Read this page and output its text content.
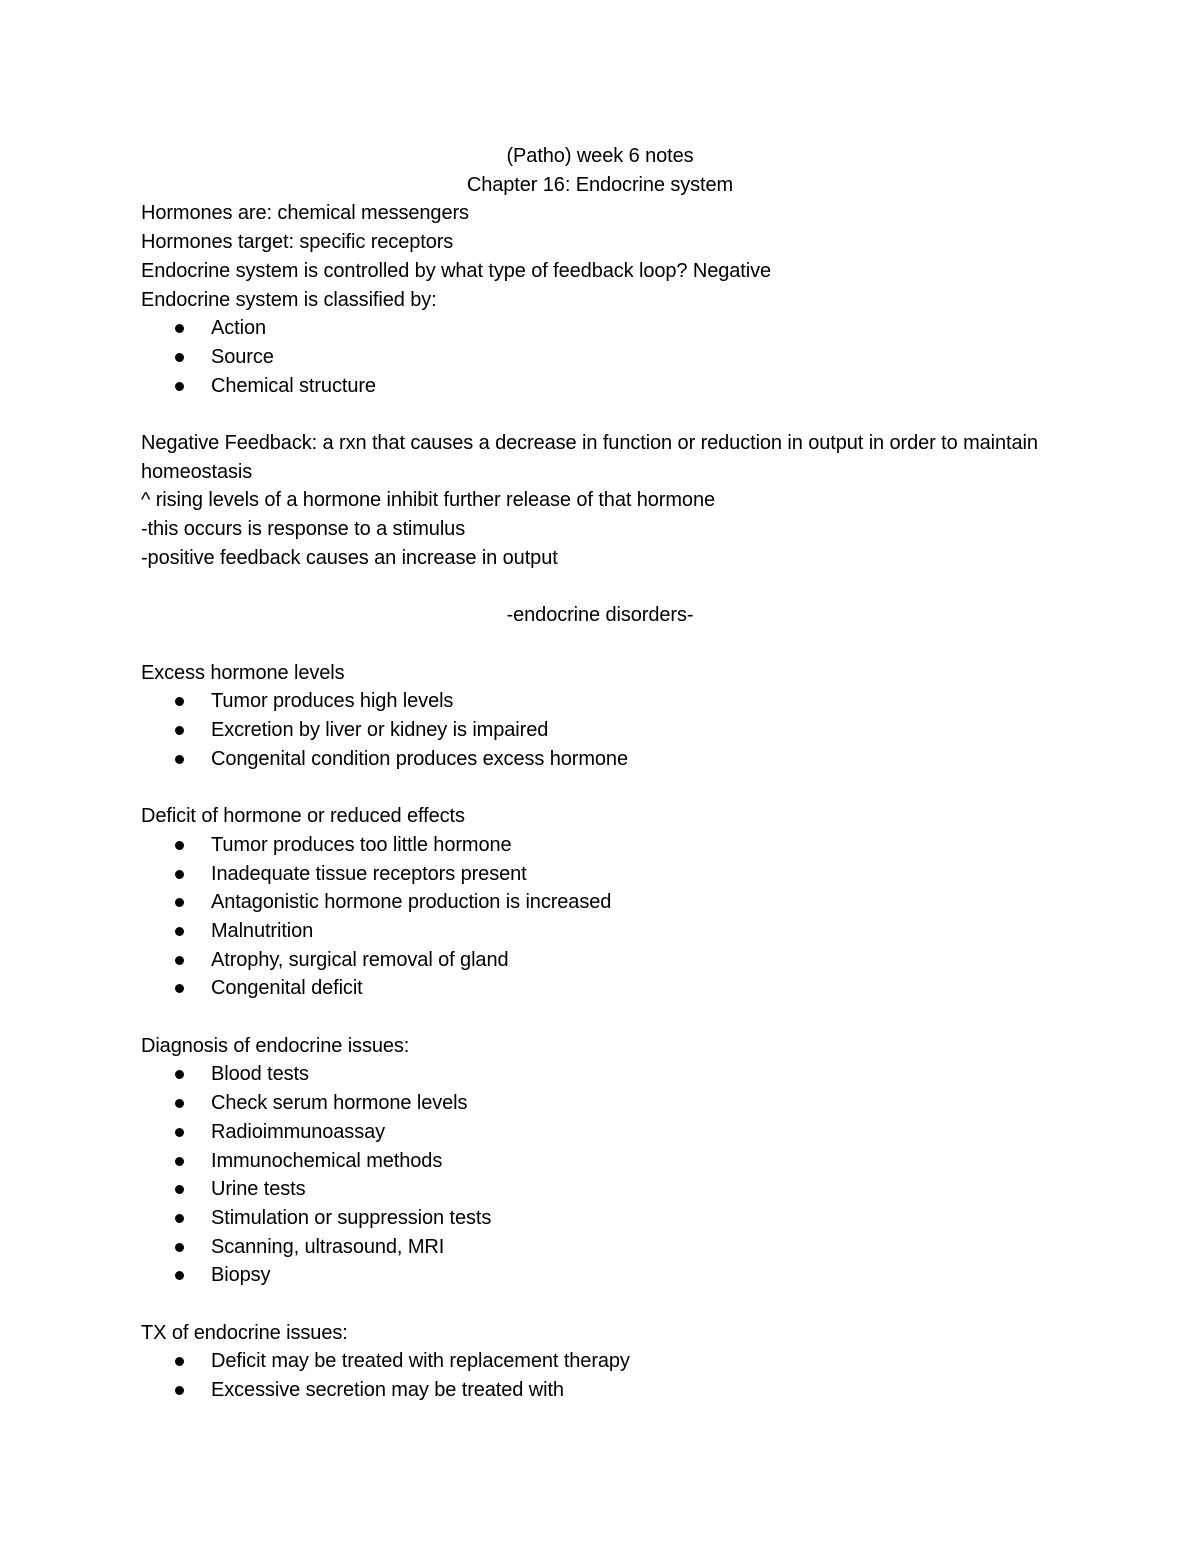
(Patho) week 6 notes

Chapter 16: Endocrine system

Hormones are: chemical messengers

Hormones target: specific receptors

Endocrine system is controlled by what type of feedback loop? Negative

Endocrine system is classified by:

Action
Source
Chemical structure

Negative Feedback: a rxn that causes a decrease in function or reduction in output in order to maintain homeostasis

^ rising levels of a hormone inhibit further release of that hormone

-this occurs is response to a stimulus

-positive feedback causes an increase in output

-endocrine disorders-

Excess hormone levels

Tumor produces high levels
Excretion by liver or kidney is impaired
Congenital condition produces excess hormone

Deficit of hormone or reduced effects

Tumor produces too little hormone
Inadequate tissue receptors present
Antagonistic hormone production is increased
Malnutrition
Atrophy, surgical removal of gland
Congenital deficit

Diagnosis of endocrine issues:

Blood tests
Check serum hormone levels
Radioimmunoassay
Immunochemical methods
Urine tests
Stimulation or suppression tests
Scanning, ultrasound, MRI
Biopsy

TX of endocrine issues:

Deficit may be treated with replacement therapy
Excessive secretion may be treated with
